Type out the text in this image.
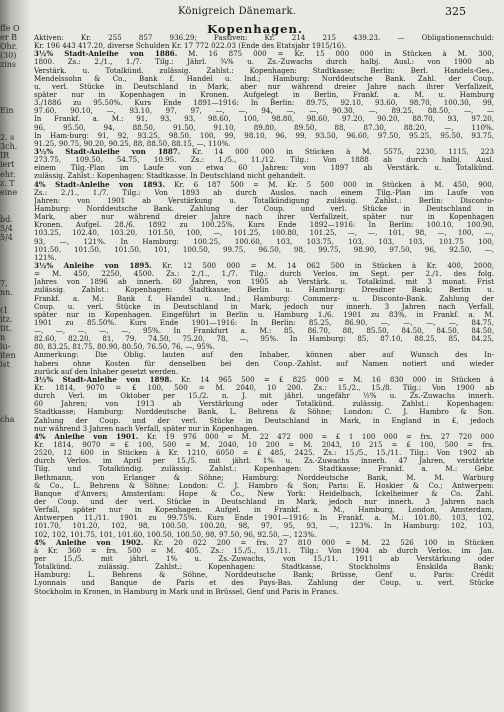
ffe O
er B
Ohr.
(30)
zins
Ein
2. s
3ch.
IR
iert
ehr.
z. T
eine
bd.
5/4
5/4
7,
nn.
(1
itz.
tit.
n
iu-
iten
ist
cha
Königreich Dänemark.	325
Kopenhagen.
Aktiven: Kr. 255 857 936.29; Passiven: Kr. 214 215 439.23. — Obligationenschuld:
Kr. 196 443 417.20, diverse Schulden Kr. 17 772 022.03 (Ende des Etatsjahr 1915/16).
3½% Stadt-Anleihe von 1886. M. 16 875 000 = Kr. 15 000 000 in Stücken à M. 300,
1800. Zs.: 2./1., 1./7. Tilg.: Jährl. ¾% u. Zs.-Zuwachs durch halbj. Ausl.: von 1900 ab
Verstärk. u. Totalkünd. zulässig. Zahlst.: Kopenhagen: Stadtkasse; Berlin: Berl. Handels-Ges.,
Mendelssohn & Co., Bank f. Handel u. Ind.; Hamburg: Norddeutsche Bank. Zahl. der Coup.
u. verl. Stücke in Deutschland in Mark, aber nur während dreier Jahre nach ihrer Verfallzeit,
später nur in Kopenhagen in Kronen. Aufgelegt in Berlin, Frankf. a. M. u. Hamburg
3./1886 zu 95.50%. Kurs Ende 1891—1916: In Berlin: 89.75, 92.10, 93.60, 98.70, 100.30, 99,
97.60, 90.10, —, 93.10, 97, 97, —, —, 94, —, —, 90.30, —, 89.25, 88.50, —, —
In Frankf. a. M.: 91, 93, 93, 98.60, 100, 98.80, 98.60, 97.20, 90.20, 88.70, 93, 97.20,
96, 95.50, 94, 88.50, 91.50, 91.10, 89.80, 89.50, 88, 87.30, 88.20, —, 110%.
In Ham-burg: 91, 92, 93.25, 98.50, 100, 99, 98.10, 96, 99, 93.50, 96.60, 97.50, 95.25, 95.50, 93.75,
91.25, 90.75, 90.20, 90.25, 88, 88.50, 88.15, —, 110%.
3½% Stadt-Anleihe von 1887. Kr. 14 000 000 in Stücken à M. 5575, 2230, 1115, 223
273.75, 109.50, 54.75, 10.95. Zs.: 1./5., 11./12. Tilg.: Von 1888 ab durch halbj. Ausl.
einem Tilg.-Plan im Laufe von etwa 60 Jahren: von 1897 ab Verstärk. u. Totalkünd.
zulässig. Zahlst.: Kopenhagen: Stadtkasse. In Deutschland nicht gehandelt.
4% Stadt-Anleihe von 1893. Kr. 6 187 500 = M. Kr. 5 500 000 in Stücken à M. 450, 900,
Zs.: 2./1., 1./7. Tilg.: Von 1893 ab durch Auslos. nach einem Tilg.-Plan im Laufe von
Jahren: von 1901 ab Verstärkung u. Totalkündigung zulässig. Zahlst.: Berlin: Disconto-
Hamburg: Norddeutsche Bank. Zahlung der Coup. und verl. Stücke in Deutschland in
Mark, aber nur während dreier Jahre nach ihrer Verfallzeit, später nur in Kopenhagen
Kronen. Aufgel. 28./6. 1892 zu 100.25%. Kurs Ende 1892—1916: In Berlin: 100.10, 100.90,
103.25, 102.40, 103.20, 101.50, 100, —, 101.25, 100.80, 101.25, —, —, 101, 98, —, 100, —,
93, —, 121%. In Hamburg: 100.25, 100.60, 103, 103.75, 103, 103, 103, 101.75 100,
101.50, 101.50, 101.50, 101, 100.50, 99.75, 96.50, 98, 99.75, 98.90, 97.50, 96, 92.50, —,
121%.
3½% Anleihe von 1895. Kr. 12 500 000 = M. 14 062 500 in Stücken à Kr. 400, 2000,
= M. 450, 2250, 4500. Zs.: 2./1., 1./7. Tilg.: durch Verlos. im Sept. per 2./1. des folg.
Jahres von 1896 ab innerh. 60 Jahren, von 1905 ab Verstärk. u. Totalkünd. mit 3 monat. Frist
zulässig. Zahlst.: Kopenhagen: Stadtkasse; Berlin u. Hamburg: Dresdner Bank; Berlin u.
Frankf. a. M.: Bank f. Handel u. Ind.; Hamburg: Commerz- u. Disconto-Bank. Zahlung der
Coup. u. verl. Stücke in Deutschland in Mark, jedoch nur innerh. 3 Jahren nach Verfall,
später nur in Kopenhagen. Eingeführt in Berlin u. Hamburg 1./6. 1901 zu 83%, in Frankf. a. M.
1901 zu 85.50%. Kurs Ende 1901—1916: In Berlin: 85.25, 86.90, —, —, —, —, 84.75,
—, —, —, —, —, 95%. In Frankfurt a. M.: 85, 86.70, 88, 85.50, 84.50, 84.50, 84.50,
82.60, 82.20, 81, 79, 74.50, 75.20, 78, —, 95%. In Hamburg: 85, 87.10, 88.25, 85, 84.25,
80, 83.25, 81.75, 80.90, 80.50, 76.50, 76, —, 95%.
Anmerkung: Die Oblig. lauten auf den Inhaber, können aber auf Wunsch des In-
habers ohne Kosten für denselben bei den Coup.-Zahlst. auf Namen notiert und wieder
zurück auf den Inhaber gesetzt werden.
3½% Stadt-Anleihe von 1898. Kr. 14 965 500 = £ 825 000 = M. 16 830 000 in Stücken à
Kr. 1814, 9070 = £ 100, 500 = M. 2040, 10 200. Zs.: 15./2., 15./8. Tilg.: Von 1900 ab
durch Verl. im Oktober per 15./2. n. J. mit jährl. ungefähr ½% u. Zs.-Zuwachs innerh.
60 Jahren; von 1913 ab Verstärkung oder Totalkünd. zulässig. Zahlst.: Kopenhagen:
Stadtkasse; Hamburg: Norddeutsche Bank, L. Behrens & Söhne; London: C. J. Hambro & Son.
Zahlung der Coup. und der verl. Stücke in Deutschland in Mark, in England in £, jedoch
nur während 3 Jahren nach Verfall, später nur in Kopenhagen.
4% Anleihe von 1901. Kr. 19 976 000 = M. 22 472 000 = £ 1 100 000 = frs. 27 720 000
Kr. 1814, 9070 = £ 100, 500 = M. 2040, 10 200 = M. 2043, 10 215 = £ 100, 500 = frs.
2520, 12 600 in Stücken à Kr. 1210, 6050 = £ 485, 2425. Zs.: 15./5., 15./11. Tilg.: Von 1902 ab
durch Verlos. im April per 15./5. mit jährl. 1% u. Zs.-Zuwachs innerh. 47 Jahren, verstärkte
Tilg. und Totalkündig. zulässig. Zahlst.: Kopenhagen: Stadtkasse; Frankf. a. M.: Gebr.
Bethmann, von Erlanger & Söhne; Hamburg: Norddeutsche Bank, M. M. Warburg
& Co., L. Behrens & Söhne; London: C. J. Hambro & Son; Paris: E. Hoskier & Co.; Antwerpen:
Banque d'Anvers; Amsterdam: Hope & Co., New York: Heidelbach, Ickelheimer & Co. Zahl.
der Coup. und der verl. Stücke in Deutschland in Mark, jedoch nur innerh. 3 Jahren nach
Verfall, später nur in Kopenhagen. Aufgel. in Frankf. a. M., Hamburg, London, Amsterdam,
Antwerpen 11./11. 1901 zu 99.75%. Kurs Ende 1901—1916: In Frankf. a. M.: 101.80, 103, 102,
101.70, 101.20, 102, 98, 100.50, 100.20, 98, 97, 95, 93, —, 123%. In Hamburg: 102, 103,
102, 102, 101.75, 101, 101.60, 100.50, 100.50, 98, 97.50, 96, 92.50, —, 123%.
4% Anleihe von 1902. Kr. 20 022 200 = frs. 27 810 000 = M. 22 526 100 in Stücken
à Kr. 360 = frs. 500 = M. 405. Zs.: 15./5., 15./11. Tilg.: Von 1904 ab durch Verlos. im Jan.
per 15./5. mit jährl. 1% u. Zs.-Zuwachs, von 15./11. 1911 ab Verstärkung oder
Totalkünd. zulässig. Zahlst.: Kopenhagen: Stadtkasse, Stockholms Enskilda Bank;
Hamburg: L. Behrens & Söhne, Norddeutsche Bank; Brüsse, Genf u. Paris: Crédit
Lyonnais und Banque de Paris et des Pays-Bas. Zahlung der Coup. u. verl. Stücke
Stockholm in Kronen, in Hamburg in Mark und in Brüssel, Genf und Paris in Francs.
